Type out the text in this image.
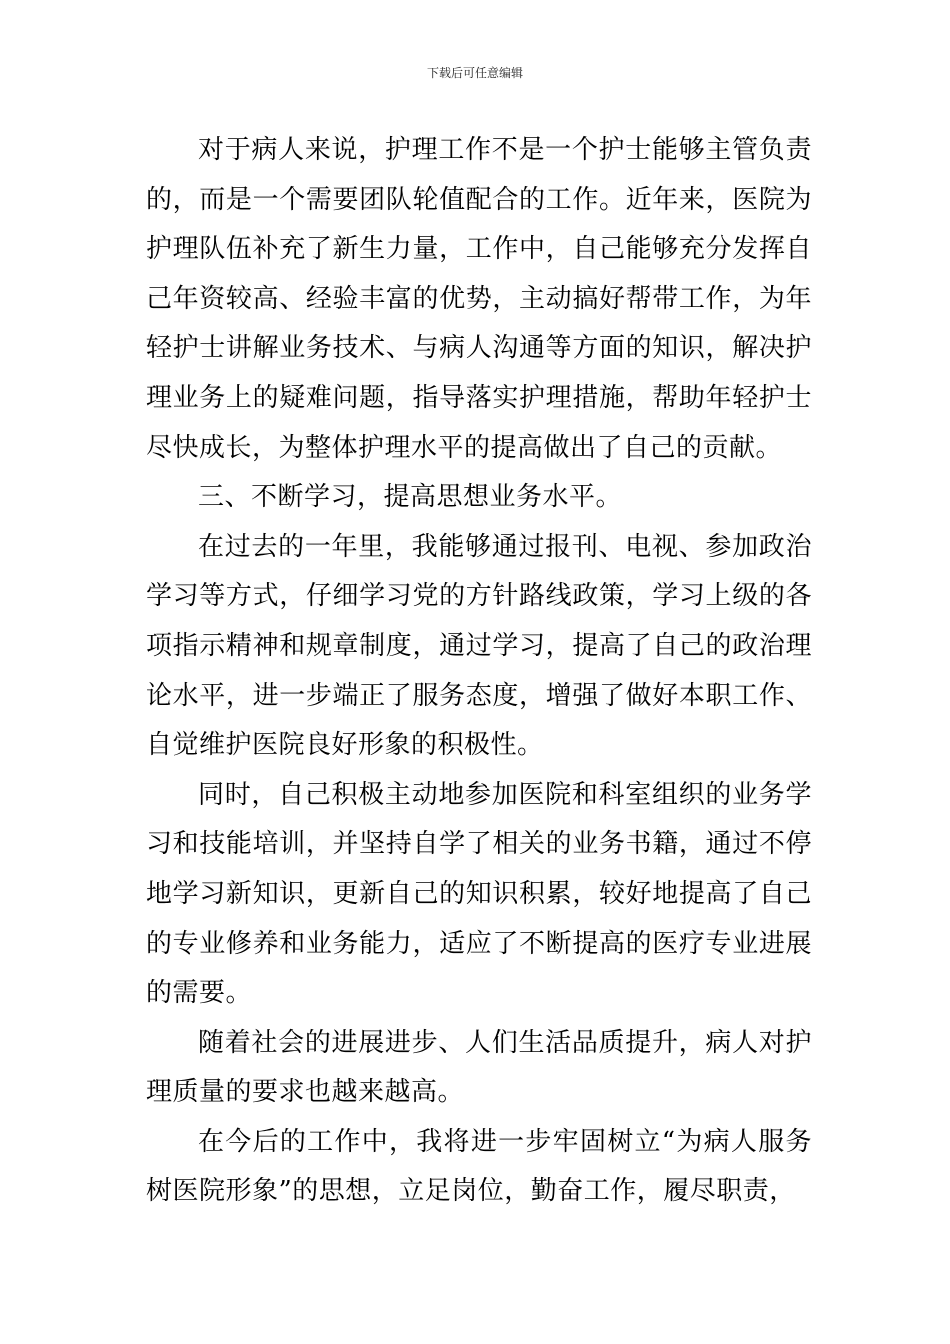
下载后可任意编辑

对于病人来说，护理工作不是一个护士能够主管负责的，而是一个需要团队轮值配合的工作。近年来，医院为护理队伍补充了新生力量，工作中，自己能够充分发挥自己年资较高、经验丰富的优势，主动搞好帮带工作，为年轻护士讲解业务技术、与病人沟通等方面的知识，解决护理业务上的疑难问题，指导落实护理措施，帮助年轻护士尽快成长，为整体护理水平的提高做出了自己的贡献。

三、不断学习，提高思想业务水平。

在过去的一年里，我能够通过报刊、电视、参加政治学习等方式，仔细学习党的方针路线政策，学习上级的各项指示精神和规章制度，通过学习，提高了自己的政治理论水平，进一步端正了服务态度，增强了做好本职工作、自觉维护医院良好形象的积极性。

同时，自己积极主动地参加医院和科室组织的业务学习和技能培训，并坚持自学了相关的业务书籍，通过不停地学习新知识，更新自己的知识积累，较好地提高了自己的专业修养和业务能力，适应了不断提高的医疗专业进展的需要。

随着社会的进展进步、人们生活品质提升，病人对护理质量的要求也越来越高。

在今后的工作中，我将进一步牢固树立“为病人服务树医院形象”的思想，立足岗位，勤奋工作，履尽职责，
